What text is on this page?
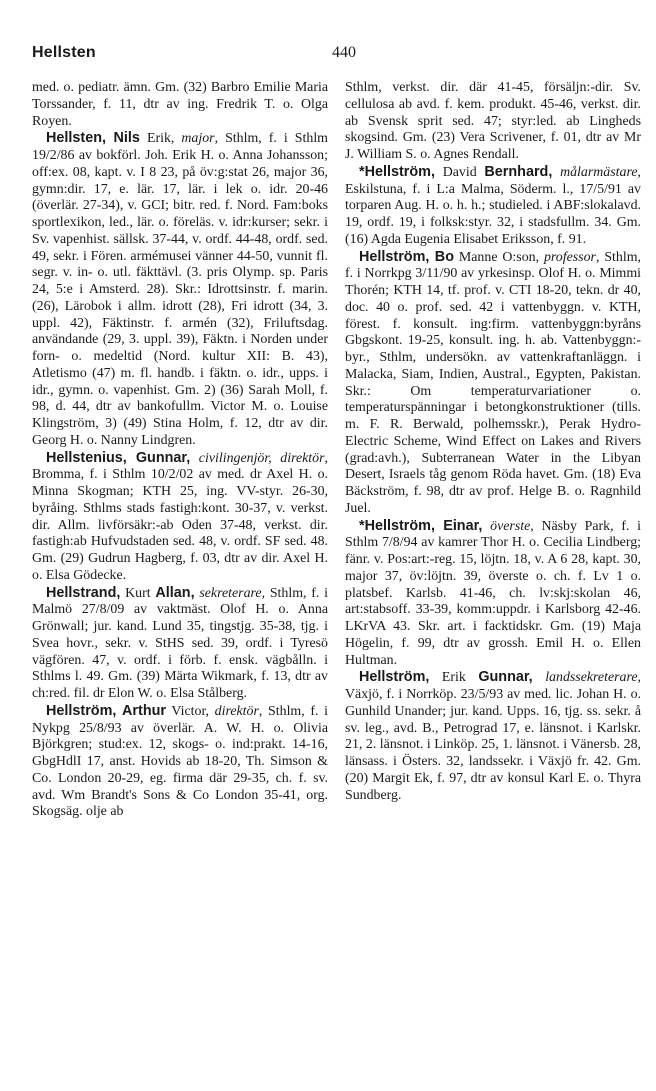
Hellsten	440

med. o. pediatr. ämn. Gm. (32) Barbro Emilie Maria Torssander, f. 11, dtr av ing. Fredrik T. o. Olga Royen.

Hellsten, Nils Erik, major, Sthlm, f. i Sthlm 19/2/86 av bokförl. Joh. Erik H. o. Anna Johansson; off:ex. 08, kapt. v. I 8 23, på öv:g:stat 26, major 36, gymn:dir. 17, e. lär. 17, lär. i lek o. idr. 20-46 (överlär. 27-34), v. GCI; bitr. red. f. Nord. Fam:boks sportlexikon, led., lär. o. föreläs. v. idr:kurser; sekr. i Sv. vapenhist. sällsk. 37-44, v. ordf. 44-48, ordf. sed. 49, sekr. i Fören. armémusei vänner 44-50, vunnit fl. segr. v. in- o. utl. fäkttävl. (3. pris Olymp. sp. Paris 24, 5:e i Amsterd. 28). Skr.: Idrottsinstr. f. marin. (26), Lärobok i allm. idrott (28), Fri idrott (34, 3. uppl. 42), Fäktinstr. f. armén (32), Friluftsdag. användande (29, 3. uppl. 39), Fäktn. i Norden under forn- o. medeltid (Nord. kultur XII: B. 43), Atletismo (47) m. fl. handb. i fäktn. o. idr., upps. i idr., gymn. o. vapenhist. Gm. 2) (36) Sarah Moll, f. 98, d. 44, dtr av bankofullm. Victor M. o. Louise Klingström, 3) (49) Stina Holm, f. 12, dtr av dir. Georg H. o. Nanny Lindgren.

Hellstenius, Gunnar, civilingenjör, direktör, Bromma, f. i Sthlm 10/2/02 av med. dr Axel H. o. Minna Skogman; KTH 25, ing. VV-styr. 26-30, byråing. Sthlms stads fastigh:kont. 30-37, v. verkst. dir. Allm. livförsäkr:-ab Oden 37-48, verkst. dir. fastigh:ab Hufvudstaden sed. 48, v. ordf. SF sed. 48. Gm. (29) Gudrun Hagberg, f. 03, dtr av dir. Axel H. o. Elsa Gödecke.

Hellstrand, Kurt Allan, sekreterare, Sthlm, f. i Malmö 27/8/09 av vaktmäst. Olof H. o. Anna Grönwall; jur. kand. Lund 35, tingstjg. 35-38, tjg. i Svea hovr., sekr. v. StHS sed. 39, ordf. i Tyresö vägfören. 47, v. ordf. i förb. f. ensk. vägbålln. i Sthlms l. 49. Gm. (39) Märta Wikmark, f. 13, dtr av ch:red. fil. dr Elon W. o. Elsa Stålberg.

Hellström, Arthur Victor, direktör, Sthlm, f. i Nykpg 25/8/93 av överlär. A. W. H. o. Olivia Björkgren; stud:ex. 12, skogs- o. ind:prakt. 14-16, GbgHdlI 17, anst. Hovids ab 18-20, Th. Simson & Co. London 20-29, eg. firma där 29-35, ch. f. sv. avd. Wm Brandt's Sons & Co London 35-41, org. Skogsäg. olje ab

Sthlm, verkst. dir. där 41-45, försäljn:-dir. Sv. cellulosa ab avd. f. kem. produkt. 45-46, verkst. dir. ab Svensk sprit sed. 47; styr:led. ab Lingheds skogsind. Gm. (23) Vera Scrivener, f. 01, dtr av Mr J. William S. o. Agnes Rendall.

*Hellström, David Bernhard, målarmästare, Eskilstuna, f. i L:a Malma, Söderm. l., 17/5/91 av torparen Aug. H. o. h. h.; studieled. i ABF:slokalavd. 19, ordf. 19, i folksk:styr. 32, i stadsfullm. 34. Gm. (16) Agda Eugenia Elisabet Eriksson, f. 91.

Hellström, Bo Manne O:son, professor, Sthlm, f. i Norrkpg 3/11/90 av yrkesinsp. Olof H. o. Mimmi Thorén; KTH 14, tf. prof. v. CTI 18-20, tekn. dr 40, doc. 40 o. prof. sed. 42 i vattenbyggn. v. KTH, förest. f. konsult. ing:firm. vattenbyggn:byråns Gbgskont. 19-25, konsult. ing. h. ab. Vattenbyggn:-byr., Sthlm, undersökn. av vattenkraftanläggn. i Malacka, Siam, Indien, Austral., Egypten, Pakistan. Skr.: Om temperaturvariationer o. temperaturspänningar i betongkonstruktioner (tills. m. F. R. Berwald, polhemsskr.), Perak Hydro-Electric Scheme, Wind Effect on Lakes and Rivers (grad:avh.), Subterranean Water in the Libyan Desert, Israels tåg genom Röda havet. Gm. (18) Eva Bäckström, f. 98, dtr av prof. Helge B. o. Ragnhild Juel.

*Hellström, Einar, överste, Näsby Park, f. i Sthlm 7/8/94 av kamrer Thor H. o. Cecilia Lindberg; fänr. v. Pos:art:-reg. 15, löjtn. 18, v. A 6 28, kapt. 30, major 37, öv:löjtn. 39, överste o. ch. f. Lv 1 o. platsbef. Karlsb. 41-46, ch. lv:skj:skolan 46, art:stabsoff. 33-39, komm:uppdr. i Karlsborg 42-46. LKrVA 43. Skr. art. i facktidskr. Gm. (19) Maja Högelin, f. 99, dtr av grossh. Emil H. o. Ellen Hultman.

Hellström, Erik Gunnar, landssekreterare, Växjö, f. i Norrköp. 23/5/93 av med. lic. Johan H. o. Gunhild Unander; jur. kand. Upps. 16, tjg. ss. sekr. å sv. leg., avd. B., Petrograd 17, e. länsnot. i Karlskr. 21, 2. länsnot. i Linköp. 25, 1. länsnot. i Vänersb. 28, länsass. i Östers. 32, landssekr. i Växjö fr. 42. Gm. (20) Margit Ek, f. 97, dtr av konsul Karl E. o. Thyra Sundberg.
